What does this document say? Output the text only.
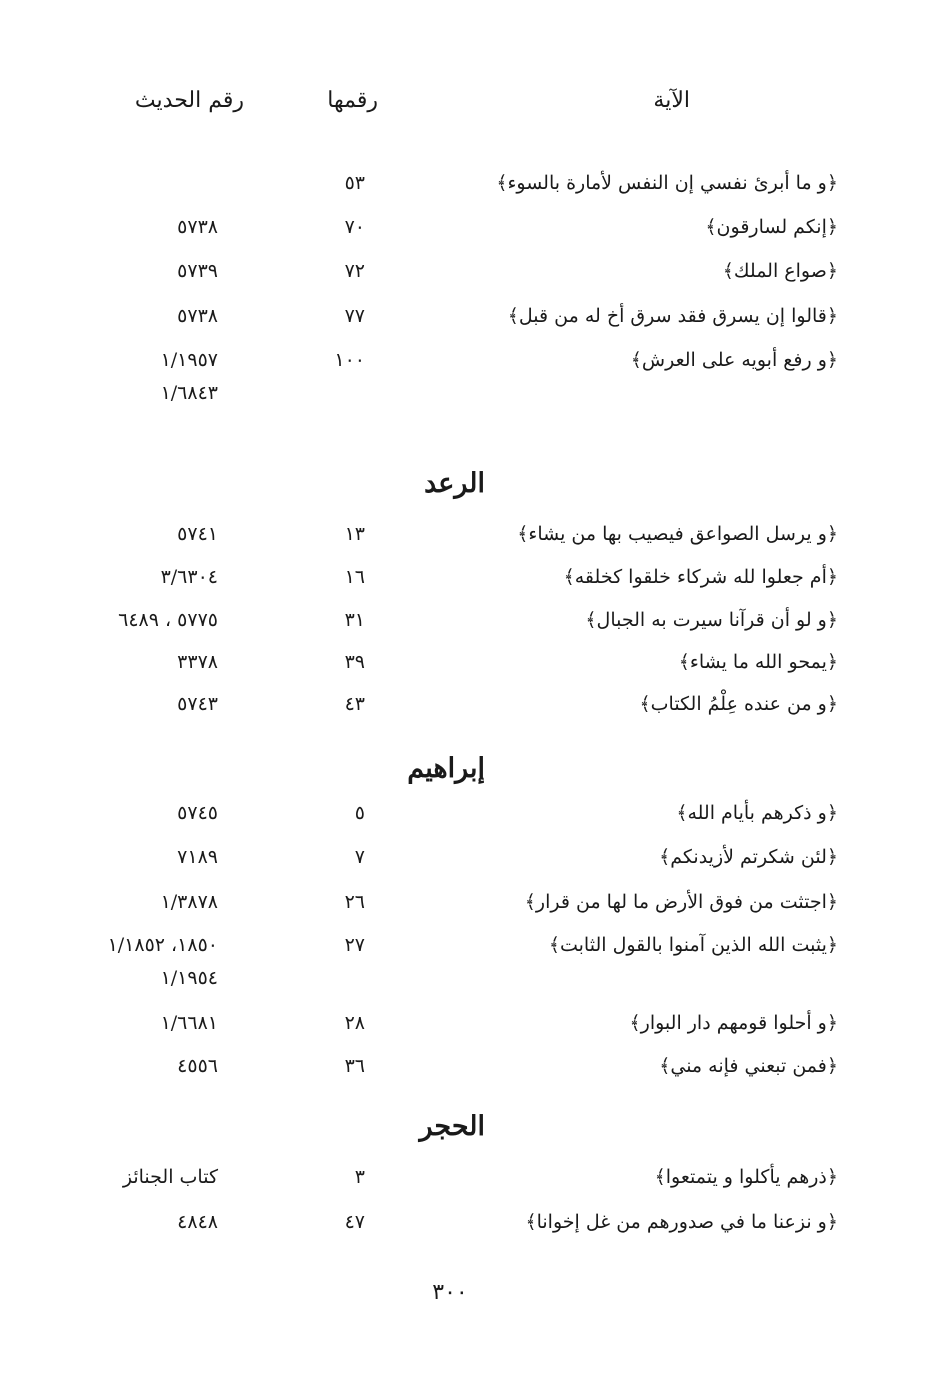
الآية
رقمها
رقم الحديث
﴿و ما أبرئ نفسي إن النفس لأمارة بالسوء﴾
٥٣
﴿إنكم لسارقون﴾
٧٠
٥٧٣٨
﴿صواع الملك﴾
٧٢
٥٧٣٩
﴿قالوا إن يسرق فقد سرق أخ له من قبل﴾
٧٧
٥٧٣٨
﴿و رفع أبويه على العرش﴾
١٠٠
١/١٩٥٧
١/٦٨٤٣
الرعد
﴿و يرسل الصواعق فيصيب بها من يشاء﴾
١٣
٥٧٤١
﴿أم جعلوا لله شركاء خلقوا كخلقه﴾
١٦
٣/٦٣٠٤
﴿و لو أن قرآنا سيرت به الجبال﴾
٣١
٥٧٧٥ ، ٦٤٨٩
﴿يمحو الله ما يشاء﴾
٣٩
٣٣٧٨
﴿و من عنده عِلْمُ الكتاب﴾
٤٣
٥٧٤٣
إبراهيم
﴿و ذكرهم بأيام الله﴾
٥
٥٧٤٥
﴿لئن شكرتم لأزيدنكم﴾
٧
٧١٨٩
﴿اجتثت من فوق الأرض ما لها من قرار﴾
٢٦
١/٣٨٧٨
﴿يثبت الله الذين آمنوا بالقول الثابت﴾
٢٧
١٨٥٠، ١/١٨٥٢
١/١٩٥٤
﴿و أحلوا قومهم دار البوار﴾
٢٨
١/٦٦٨١
﴿فمن تبعني فإنه مني﴾
٣٦
٤٥٥٦
الحجر
﴿ذرهم يأكلوا و يتمتعوا﴾
٣
كتاب الجنائز
﴿و نزعنا ما في صدورهم من غل إخوانا﴾
٤٧
٤٨٤٨
٣٠٠
